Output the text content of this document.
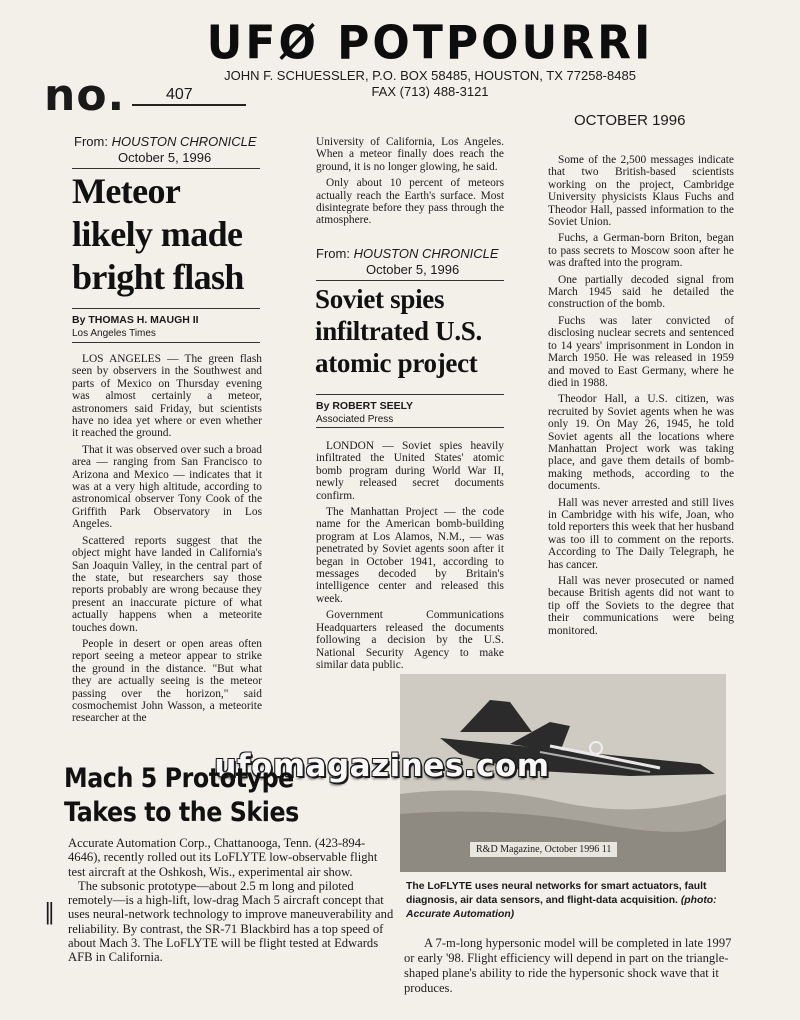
UFØ POTPOURRI
JOHN F. SCHUESSLER, P.O. BOX 58485, HOUSTON, TX 77258-8485
FAX (713) 488-3121
no.	407
OCTOBER 1996
From: HOUSTON CHRONICLE
October 5, 1996
Meteor
likely made
bright flash
By THOMAS H. MAUGH II
Los Angeles Times

LOS ANGELES — The green flash seen by observers in the Southwest and parts of Mexico on Thursday evening was almost certainly a meteor, astronomers said Friday, but scientists have no idea yet where or even whether it reached the ground.

That it was observed over such a broad area — ranging from San Francisco to Arizona and Mexico — indicates that it was at a very high altitude, according to astronomical observer Tony Cook of the Griffith Park Observatory in Los Angeles.

Scattered reports suggest that the object might have landed in California's San Joaquin Valley, in the central part of the state, but researchers say those reports probably are wrong because they present an inaccurate picture of what actually happens when a meteorite touches down.

People in desert or open areas often report seeing a meteor appear to strike the ground in the distance. "But what they are actually seeing is the meteor passing over the horizon," said cosmochemist John Wasson, a meteorite researcher at the

University of California, Los Angeles. When a meteor finally does reach the ground, it is no longer glowing, he said.

Only about 10 percent of meteors actually reach the Earth's surface. Most disintegrate before they pass through the atmosphere.

From: HOUSTON CHRONICLE
October 5, 1996
Soviet spies
infiltrated U.S.
atomic project
By ROBERT SEELY
Associated Press

LONDON — Soviet spies heavily infiltrated the United States' atomic bomb program during World War II, newly released secret documents confirm.

The Manhattan Project — the code name for the American bomb-building program at Los Alamos, N.M., — was penetrated by Soviet agents soon after it began in October 1941, according to messages decoded by Britain's intelligence center and released this week.

Government Communications Headquarters released the documents following a decision by the U.S. National Security Agency to make similar data public.

Some of the 2,500 messages indicate that two British-based scientists working on the project, Cambridge University physicists Klaus Fuchs and Theodor Hall, passed information to the Soviet Union.

Fuchs, a German-born Briton, began to pass secrets to Moscow soon after he was drafted into the program.

One partially decoded signal from March 1945 said he detailed the construction of the bomb.

Fuchs was later convicted of disclosing nuclear secrets and sentenced to 14 years' imprisonment in London in March 1950. He was released in 1959 and moved to East Germany, where he died in 1988.

Theodor Hall, a U.S. citizen, was recruited by Soviet agents when he was only 19. On May 26, 1945, he told Soviet agents all the locations where Manhattan Project work was taking place, and gave them details of bomb-making methods, according to the documents.

Hall was never arrested and still lives in Cambridge with his wife, Joan, who told reporters this week that her husband was too ill to comment on the reports. According to The Daily Telegraph, he has cancer.

Hall was never prosecuted or named because British agents did not want to tip off the Soviets to the degree that their communications were being monitored.

R&D Magazine, October 1996 11
ufomagazines.com
Mach 5 Prototype
Takes to the Skies

Accurate Automation Corp., Chattanooga, Tenn. (423-894-4646), recently rolled out its LoFLYTE low-observable flight test aircraft at the Oshkosh, Wis., experimental air show.

The subsonic prototype—about 2.5 m long and piloted remotely—is a high-lift, low-drag Mach 5 aircraft concept that uses neural-network technology to improve maneuverability and reliability. By contrast, the SR-71 Blackbird has a top speed of about Mach 3. The LoFLYTE will be flight tested at Edwards AFB in California.

‖
The LoFLYTE uses neural networks for smart actuators, fault diagnosis, air data sensors, and flight-data acquisition. (photo: Accurate Automation)
A 7-m-long hypersonic model will be completed in late 1997 or early '98. Flight efficiency will depend in part on the triangle-shaped plane's ability to ride the hypersonic shock wave that it produces.
